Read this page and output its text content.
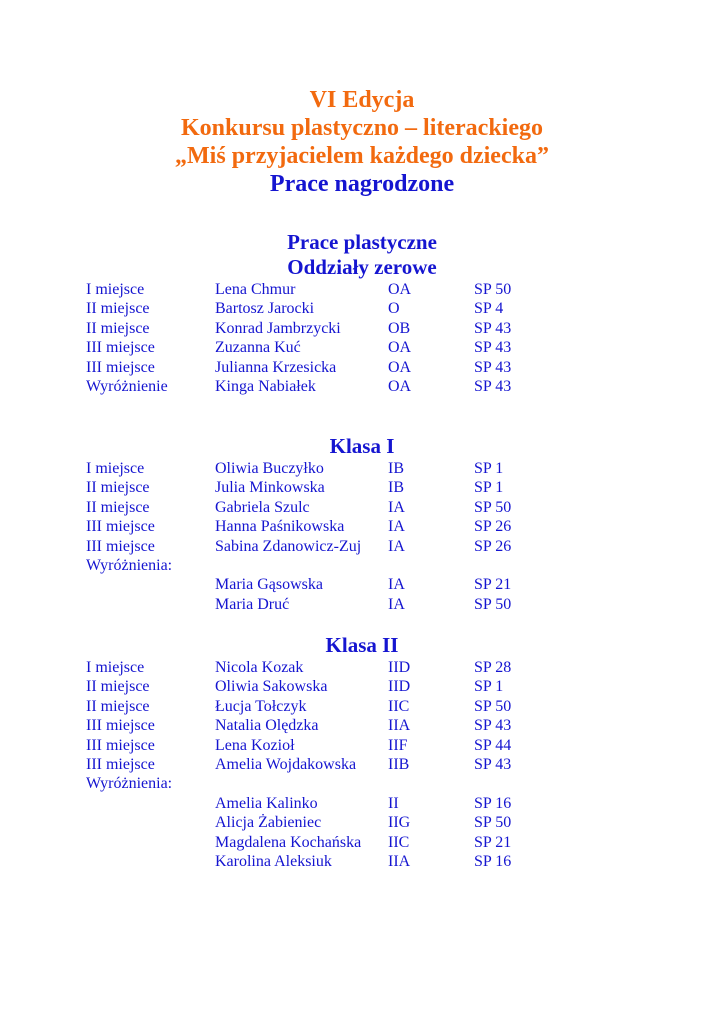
VI Edycja
Konkursu plastyczno – literackiego
„Miś przyjacielem każdego dziecka”
Prace nagrodzone
Prace plastyczne
Oddziały zerowe
I miejsce	Lena Chmur	OA	SP 50
II miejsce	Bartosz Jarocki	O	SP 4
II miejsce	Konrad Jambrzycki	OB	SP 43
III miejsce	Zuzanna Kuć	OA	SP 43
III miejsce	Julianna Krzesicka	OA	SP 43
Wyróżnienie	Kinga Nabiałek	OA	SP 43
Klasa I
I miejsce	Oliwia Buczyłko	IB	SP 1
II miejsce	Julia Minkowska	IB	SP 1
II miejsce	Gabriela Szulc	IA	SP 50
III miejsce	Hanna Paśnikowska	IA	SP 26
III miejsce	Sabina Zdanowicz-Zuj IA	SP 26
Wyróżnienia:
Maria Gąsowska	IA	SP 21
Maria Druć	IA	SP 50
Klasa II
I miejsce	Nicola Kozak	IID	SP 28
II miejsce	Oliwia Sakowska	IID	SP 1
II miejsce	Łucja Tołczyk	IIC	SP 50
III miejsce	Natalia Olędzka	IIA	SP 43
III miejsce	Lena Kozioł	IIF	SP 44
III miejsce	Amelia Wojdakowska IIB	SP 43
Wyróżnienia:
Amelia Kalinko	II	SP 16
Alicja Żabieniec	IIG	SP 50
Magdalena Kochańska IIC	SP 21
Karolina Aleksiuk	IIA	SP 16
